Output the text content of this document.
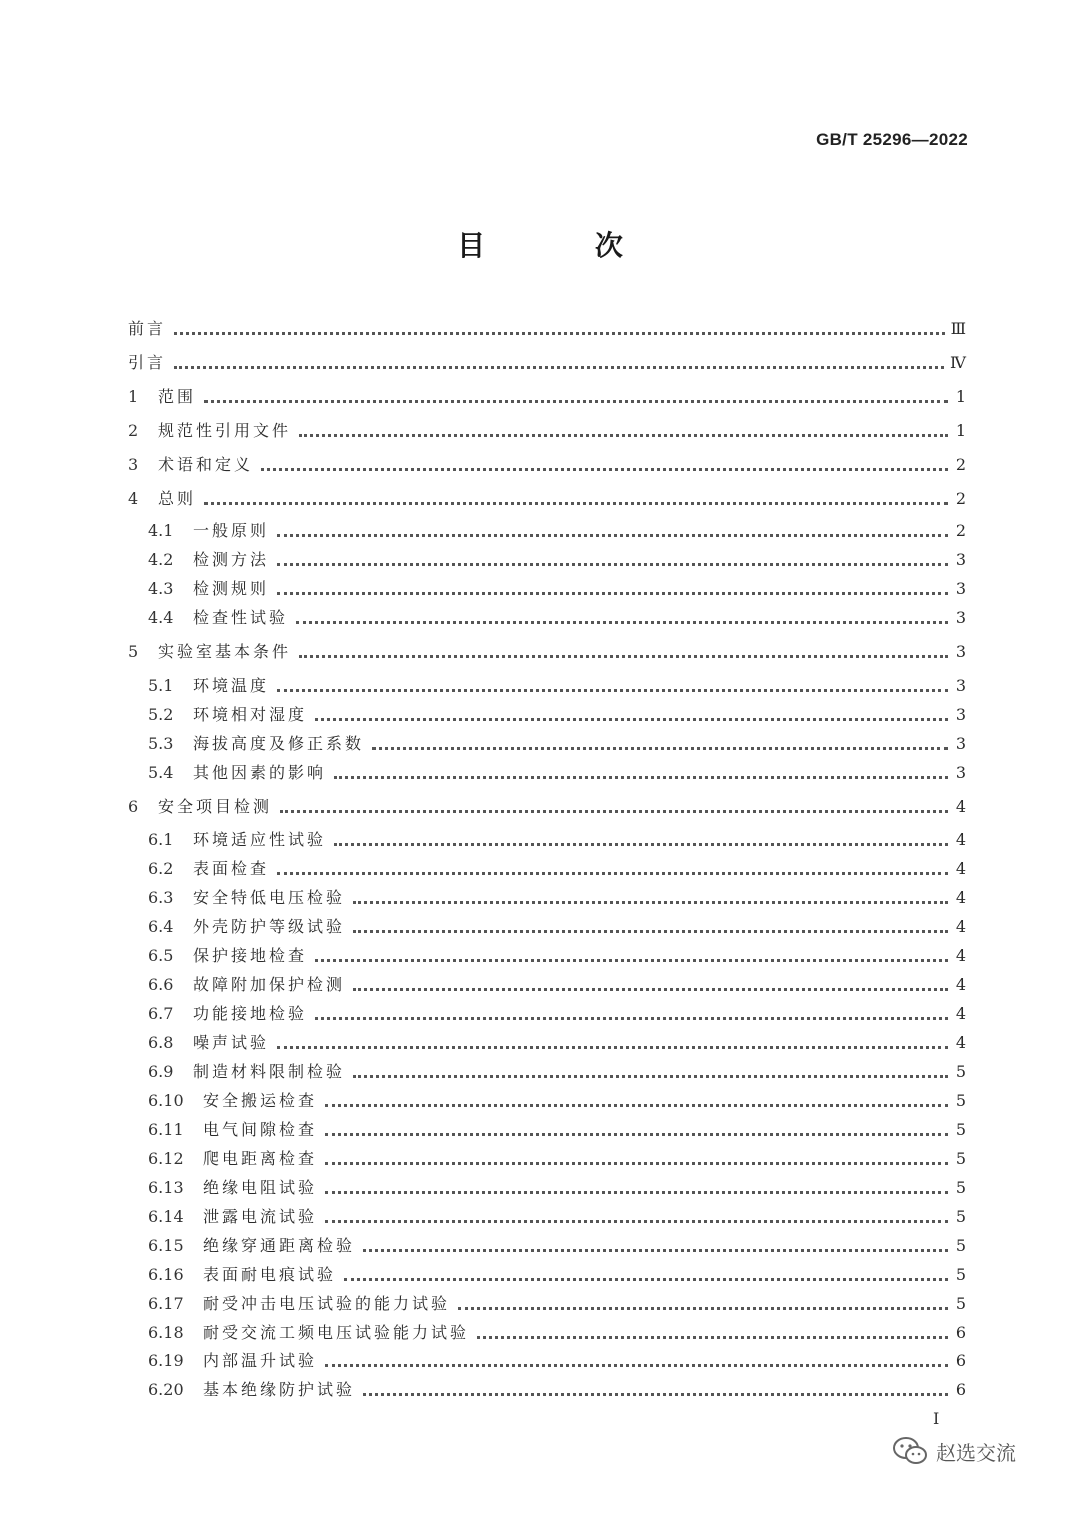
GB/T 25296—2022
目 次
前言	Ⅲ
引言	Ⅳ
1	范围	1
2	规范性引用文件	1
3	术语和定义	2
4	总则	2
4.1	一般原则	2
4.2	检测方法	3
4.3	检测规则	3
4.4	检查性试验	3
5	实验室基本条件	3
5.1	环境温度	3
5.2	环境相对湿度	3
5.3	海拔高度及修正系数	3
5.4	其他因素的影响	3
6	安全项目检测	4
6.1	环境适应性试验	4
6.2	表面检查	4
6.3	安全特低电压检验	4
6.4	外壳防护等级试验	4
6.5	保护接地检查	4
6.6	故障附加保护检测	4
6.7	功能接地检验	4
6.8	噪声试验	4
6.9	制造材料限制检验	5
6.10	安全搬运检查	5
6.11	电气间隙检查	5
6.12	爬电距离检查	5
6.13	绝缘电阻试验	5
6.14	泄露电流试验	5
6.15	绝缘穿通距离检验	5
6.16	表面耐电痕试验	5
6.17	耐受冲击电压试验的能力试验	5
6.18	耐受交流工频电压试验能力试验	6
6.19	内部温升试验	6
6.20	基本绝缘防护试验	6
I
赵选交流
